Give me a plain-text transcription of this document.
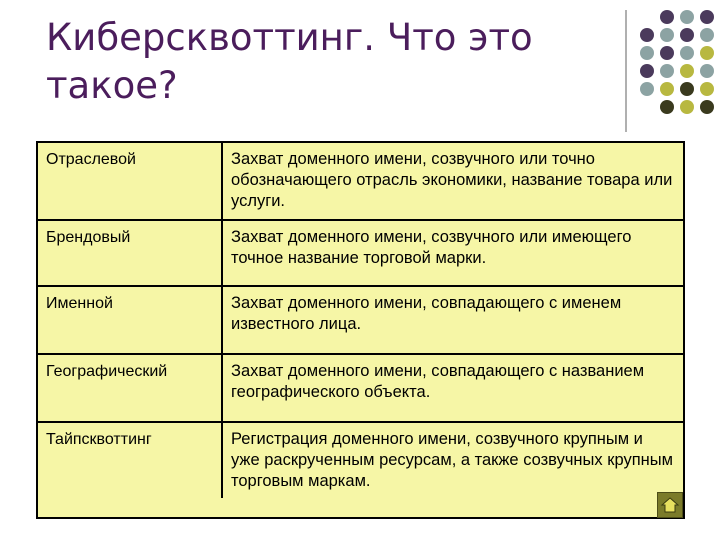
Киберсквоттинг. Что это такое?
Отраслевой	Захват доменного имени, созвучного или точно обозначающего отрасль экономики, название товара или услуги.
Брендовый	Захват доменного имени, созвучного или имеющего точное название торговой марки.
Именной	Захват доменного имени, совпадающего с именем известного лица.
Географический	Захват доменного имени, совпадающего с названием географического объекта.
Тайпсквоттинг	Регистрация доменного имени, созвучного крупным и уже раскрученным ресурсам, а также созвучных крупным торговым маркам.
